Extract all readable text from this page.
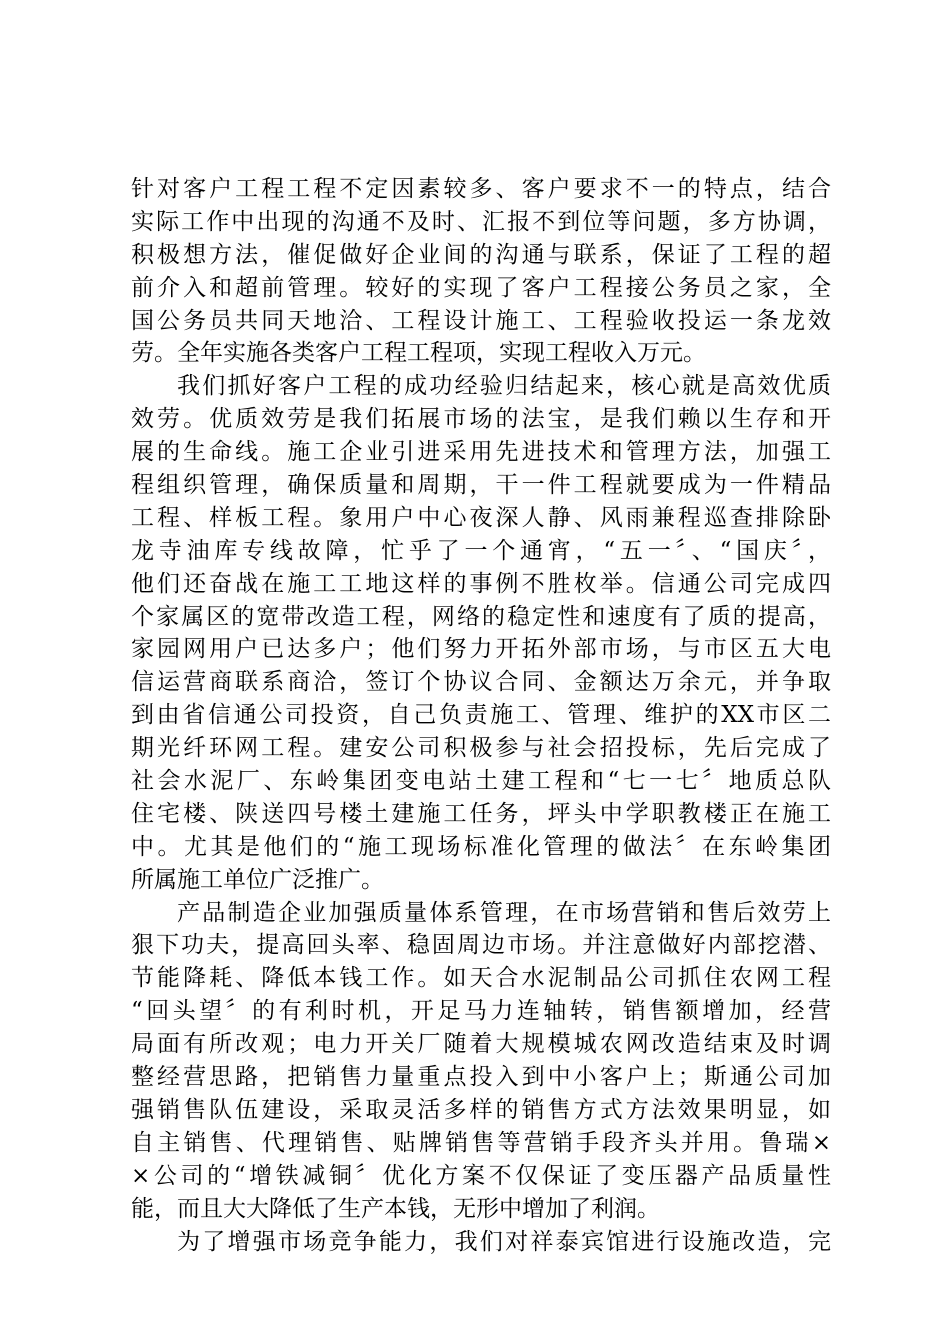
针对客户工程工程不定因素较多、客户要求不一的特点，结合
实际工作中出现的沟通不及时、汇报不到位等问题，多方协调，
积极想方法，催促做好企业间的沟通与联系，保证了工程的超
前介入和超前管理。较好的实现了客户工程接公务员之家，全
国公务员共同天地洽、工程设计施工、工程验收投运一条龙效
劳。全年实施各类客户工程工程项，实现工程收入万元。
我们抓好客户工程的成功经验归结起来，核心就是高效优质
效劳。优质效劳是我们拓展市场的法宝，是我们赖以生存和开
展的生命线。施工企业引进采用先进技术和管理方法，加强工
程组织管理，确保质量和周期，干一件工程就要成为一件精品
工程、样板工程。象用户中心夜深人静、风雨兼程巡查排除卧
龙寺油库专线故障，忙乎了一个通宵，“五一〞、“国庆〞，
他们还奋战在施工工地这样的事例不胜枚举。信通公司完成四
个家属区的宽带改造工程，网络的稳定性和速度有了质的提高，
家园网用户已达多户；他们努力开拓外部市场，与市区五大电
信运营商联系商洽，签订个协议合同、金额达万余元，并争取
到由省信通公司投资，自己负责施工、管理、维护的XX市区二
期光纤环网工程。建安公司积极参与社会招投标，先后完成了
社会水泥厂、东岭集团变电站土建工程和“七一七〞地质总队
住宅楼、陕送四号楼土建施工任务，坪头中学职教楼正在施工
中。尤其是他们的“施工现场标准化管理的做法〞在东岭集团
所属施工单位广泛推广。
产品制造企业加强质量体系管理，在市场营销和售后效劳上
狠下功夫，提高回头率、稳固周边市场。并注意做好内部挖潜、
节能降耗、降低本钱工作。如天合水泥制品公司抓住农网工程
“回头望〞的有利时机，开足马力连轴转，销售额增加，经营
局面有所改观；电力开关厂随着大规模城农网改造结束及时调
整经营思路，把销售力量重点投入到中小客户上；斯通公司加
强销售队伍建设，采取灵活多样的销售方式方法效果明显，如
自主销售、代理销售、贴牌销售等营销手段齐头并用。鲁瑞×
×公司的“增铁减铜〞优化方案不仅保证了变压器产品质量性
能，而且大大降低了生产本钱，无形中增加了利润。
为了增强市场竞争能力，我们对祥泰宾馆进行设施改造，完
